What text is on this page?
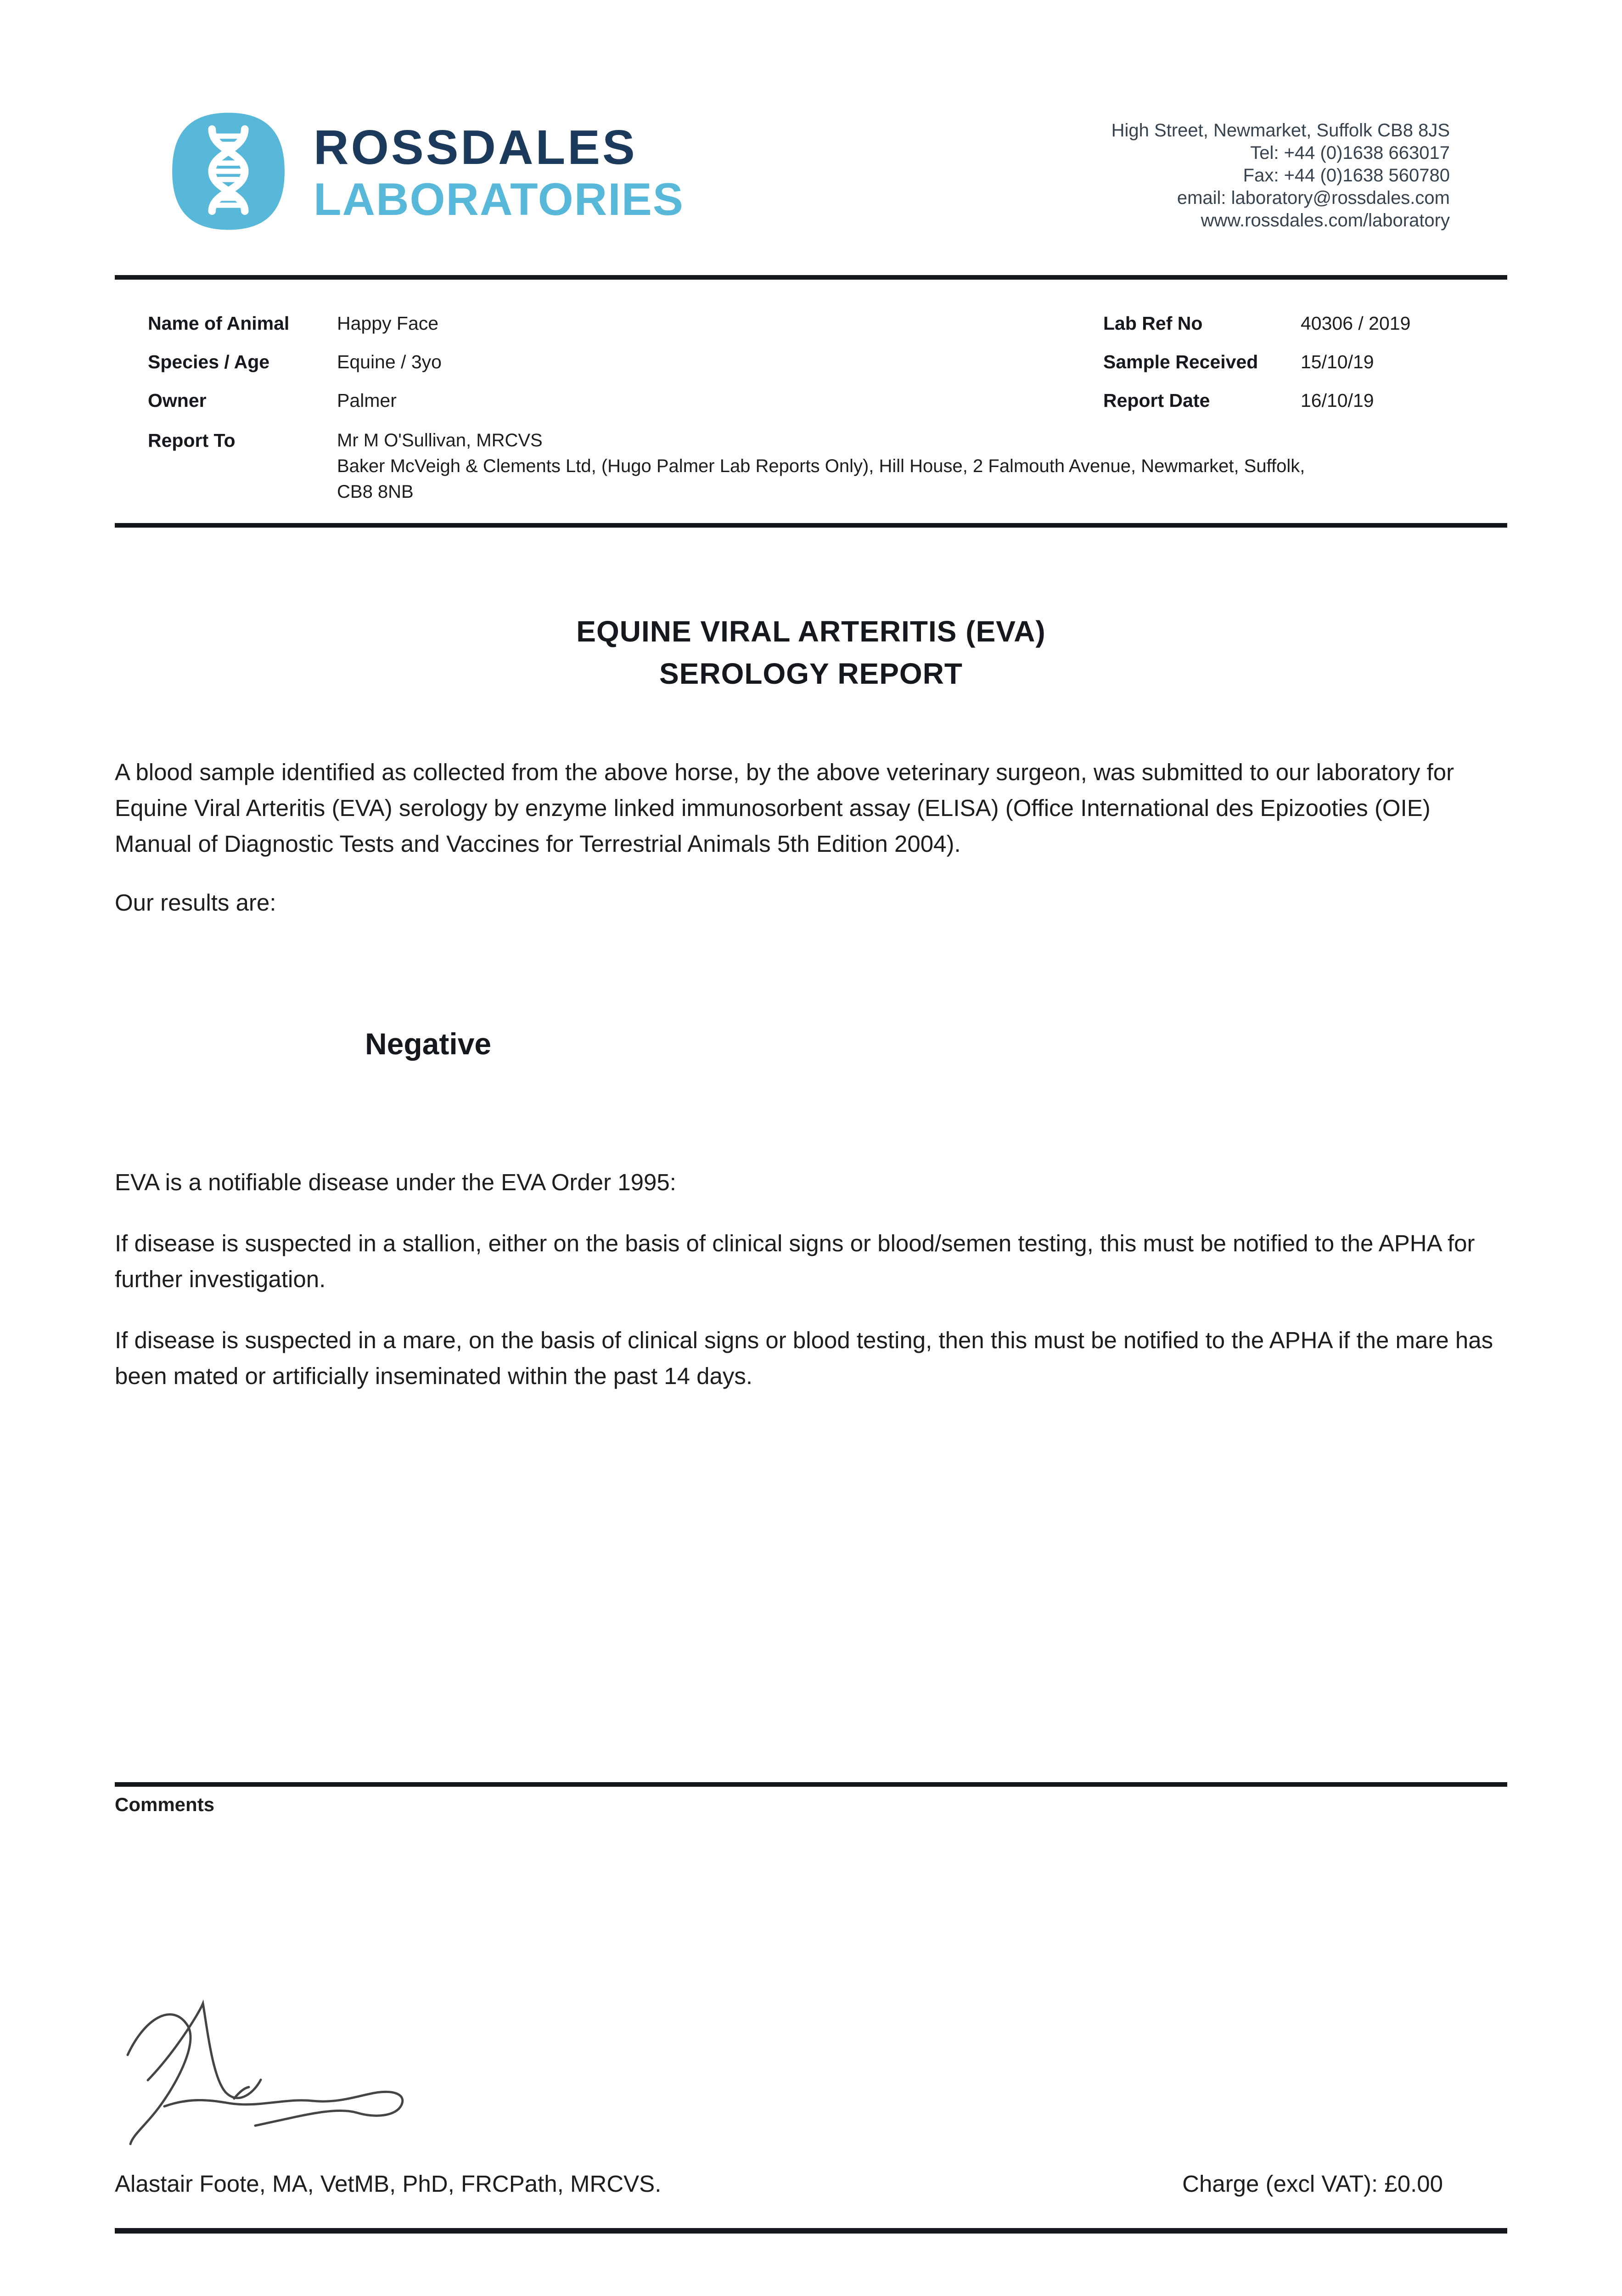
ROSSDALES
LABORATORIES
High Street, Newmarket, Suffolk CB8 8JS
Tel: +44 (0)1638 663017
Fax: +44 (0)1638 560780
email: laboratory@rossdales.com
www.rossdales.com/laboratory
Name of Animal	Happy Face	Lab Ref No	40306 / 2019
Species / Age	Equine / 3yo	Sample Received	15/10/19
Owner	Palmer	Report Date	16/10/19
Report To	Mr M O'Sullivan, MRCVS
Baker McVeigh & Clements Ltd, (Hugo Palmer Lab Reports Only), Hill House, 2 Falmouth Avenue, Newmarket, Suffolk,
CB8 8NB
EQUINE VIRAL ARTERITIS (EVA)
SEROLOGY REPORT

A blood sample identified as collected from the above horse, by the above veterinary surgeon, was submitted to our laboratory for Equine Viral Arteritis (EVA) serology by enzyme linked immunosorbent assay (ELISA) (Office International des Epizooties (OIE) Manual of Diagnostic Tests and Vaccines for Terrestrial Animals 5th Edition 2004).

Our results are:

Negative

EVA is a notifiable disease under the EVA Order 1995:

If disease is suspected in a stallion, either on the basis of clinical signs or blood/semen testing, this must be notified to the APHA for further investigation.

If disease is suspected in a mare, on the basis of clinical signs or blood testing, then this must be notified to the APHA if the mare has been mated or artificially inseminated within the past 14 days.

Comments
Alastair Foote, MA, VetMB, PhD, FRCPath, MRCVS.	Charge (excl VAT): £0.00
